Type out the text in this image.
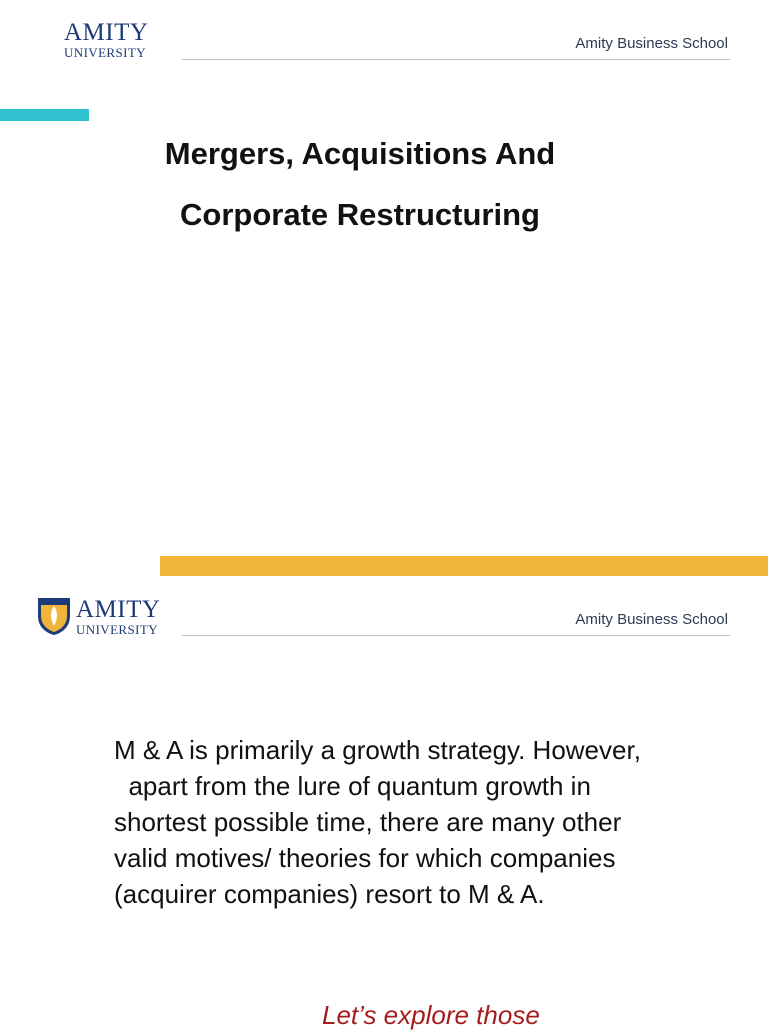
AMITY
UNIVERSITY
Amity Business School
Mergers, Acquisitions And
Corporate Restructuring
AMITY
UNIVERSITY
Amity Business School
M & A is primarily a growth strategy. However,
apart from the lure of quantum growth in
shortest possible time, there are many other
valid motives/ theories for which companies
(acquirer companies) resort to M & A.
Let’s explore those
